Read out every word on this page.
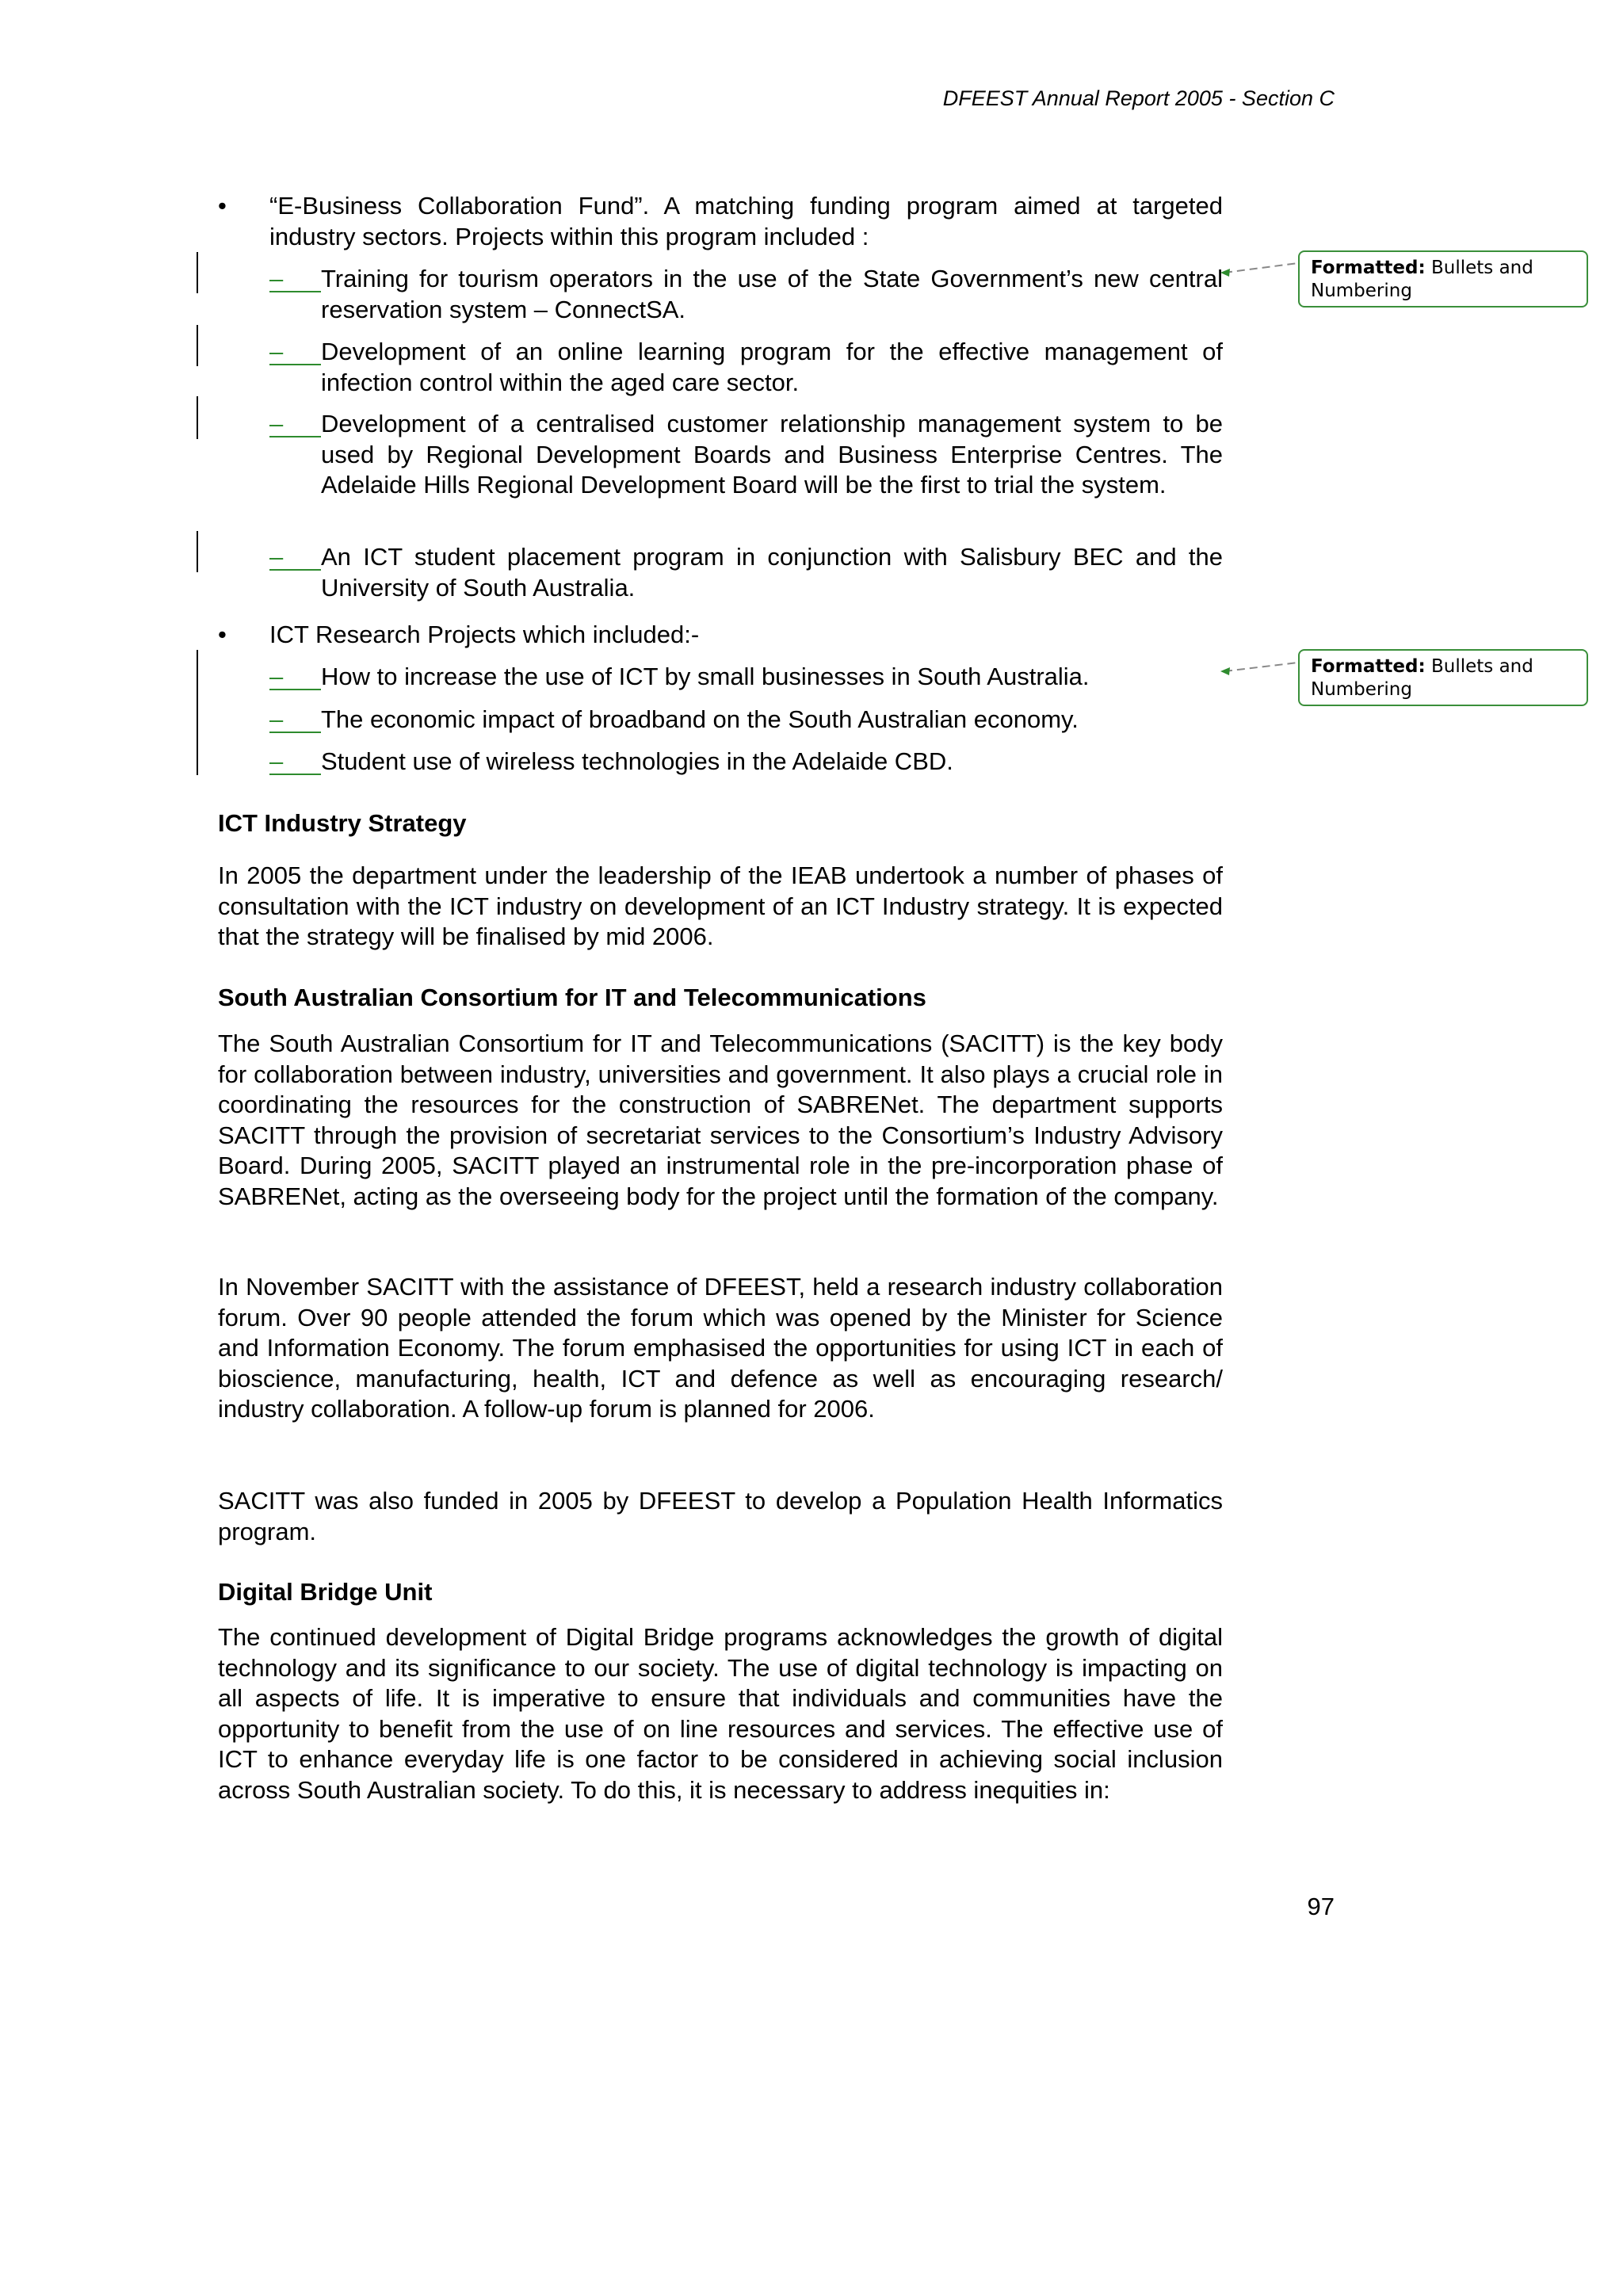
DFEEST Annual Report 2005 - Section C
Formatted: Bullets and Numbering
Formatted: Bullets and Numbering
•	“E-Business Collaboration Fund”. A matching funding program aimed at targeted industry sectors. Projects within this program included :
–	Training for tourism operators in the use of the State Government’s new central reservation system – ConnectSA.
–	Development of an online learning program for the effective management of infection control within the aged care sector.
–	Development of a centralised customer relationship management system to be used by Regional Development Boards and Business Enterprise Centres. The Adelaide Hills Regional Development Board will be the first to trial the system.
–	An ICT student placement program in conjunction with Salisbury BEC and the University of South Australia.
•	ICT Research Projects which included:-
–	How to increase the use of ICT by small businesses in South Australia.
–	The economic impact of broadband on the South Australian economy.
–	Student use of wireless technologies in the Adelaide CBD.
ICT Industry Strategy
In 2005 the department under the leadership of the IEAB undertook a number of phases of consultation with the ICT industry on development of an ICT Industry strategy. It is expected that the strategy will be finalised by mid 2006.
South Australian Consortium for IT and Telecommunications
The South Australian Consortium for IT and Telecommunications (SACITT) is the key body for collaboration between industry, universities and government. It also plays a crucial role in coordinating the resources for the construction of SABRENet. The department supports SACITT through the provision of secretariat services to the Consortium’s Industry Advisory Board. During 2005, SACITT played an instrumental role in the pre-incorporation phase of SABRENet, acting as the overseeing body for the project until the formation of the company.
In November SACITT with the assistance of DFEEST, held a research industry collaboration forum. Over 90 people attended the forum which was opened by the Minister for Science and Information Economy. The forum emphasised the opportunities for using ICT in each of bioscience, manufacturing, health, ICT and defence as well as encouraging research/ industry collaboration. A follow-up forum is planned for 2006.
SACITT was also funded in 2005 by DFEEST to develop a Population Health Informatics program.
Digital Bridge Unit
The continued development of Digital Bridge programs acknowledges the growth of digital technology and its significance to our society. The use of digital technology is impacting on all aspects of life. It is imperative to ensure that individuals and communities have the opportunity to benefit from the use of on line resources and services. The effective use of ICT to enhance everyday life is one factor to be considered in achieving social inclusion across South Australian society. To do this, it is necessary to address inequities in:
97
